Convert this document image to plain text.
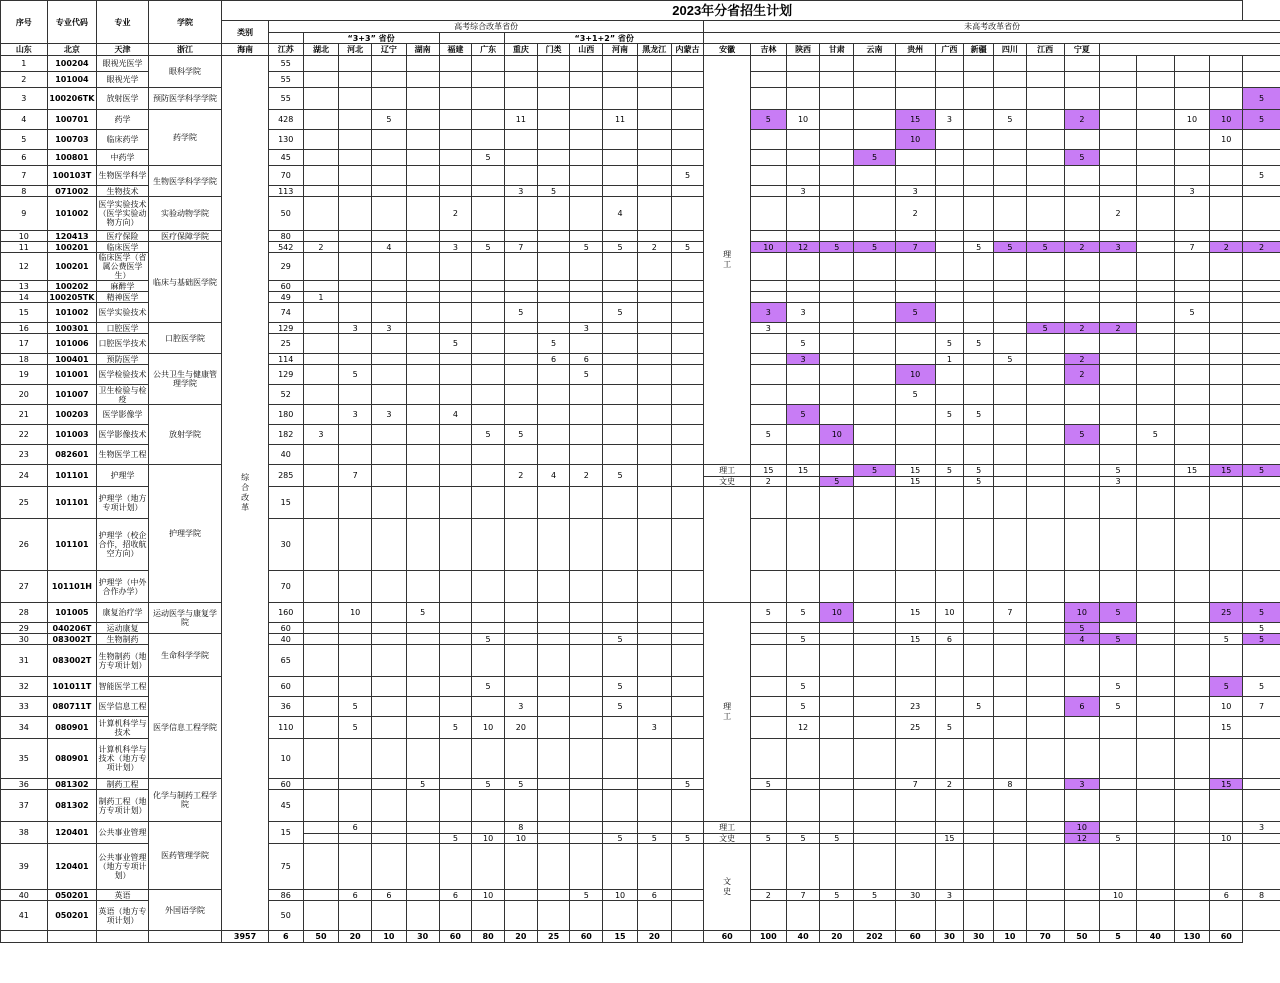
序号	专业代码	专业	学院	2023年分省招生计划																													
				类别	高考综合改革省份													未高考改革省份															
						“3+3” 省份						“3+1+2” 省份																					
山东	北京	天津	浙江	海南	江苏	湖北	河北	辽宁	湖南	福建	广东	重庆	门类	山西	河南	黑龙江	内蒙古	安徽	吉林	陕西	甘肃	云南	贵州	广西	新疆	四川	江西	宁夏					
1	100204	眼视光医学	眼科学院	综合改革	55													理工															
2	101004	眼视光学			55																												
3	100206TK	放射医学	预防医学科学学院		55																												5
4	100701	药学	药学院		428			5				11			11				5	10			15	3		5		2			10	10	5
5	100703	临床药学			130																		10									10	
6	100801	中药学			45						5											5						5					
7	100103T	生物医学科学	生物医学科学学院		70												5																5
8	071002	生物技术			113							3	5							3			3								3		
9	101002	医学实验技术（医学实验动物方向）	实验动物学院		50					2					4								2						2				
10	120413	医疗保险	医疗保障学院		80																												
11	100201	临床医学	临床与基础医学院		542	2		4		3	5	7		5	5	2	5		10	12	5	5	7		5	5	5	2	3		7	2	2
12	100201	临床医学（省属公费医学生）			29																												
13	100202	麻醉学			60																												
14	100205TK	精神医学			49	1																											
15	101002	医学实验技术			74							5			5				3	3			5								5		
16	100301	口腔医学	口腔医学院		129		3	3						3					3								5	2	2				
17	101006	口腔医学技术			25					5			5							5				5	5								
18	100401	预防医学	公共卫生与健康管理学院		114								6	6						3				1		5		2					
19	101001	医学检验技术			129		5							5									10					2					
20	101007	卫生检验与检疫			52																		5										
21	100203	医学影像学	放射学院		180		3	3		4										5				5	5								
22	101003	医学影像技术			182	3					5	5							5		10							5		5			
23	082601	生物医学工程			40																												
24	101101	护理学	护理学院		285		7					2	4	2	5			理工	15	15		5	15	5	5				5		15	15	5
																		文史	2		5		15		5				3				
25	101101	护理学（地方专项计划）			15																												
26	101101	护理学（校企合作，招收航空方向）			30																												
27	101101H	护理学（中外合作办学）			70																												
28	101005	康复治疗学	运动医学与康复学院		160		10		5									理工	5	5	10		15	10		7		10	5			25	5
29	040206T	运动康复			60																							5					5
30	083002T	生物制药	生命科学学院		40						5				5					5			15	6				4	5			5	5
31	083002T	生物制药（地方专项计划）			65																												
32	101011T	智能医学工程	医学信息工程学院		60						5				5					5									5			5	5
33	080711T	医学信息工程			36		5					3			5					5			23		5			6	5			10	7
34	080901	计算机科学与技术			110		5			5	10	20				3				12			25	5								15	
35	080901	计算机科学与技术（地方专项计划）			10																												
36	081302	制药工程	化学与制药工程学院		60				5		5	5					5		5				7	2		8		3				15	
37	081302	制药工程（地方专项计划）			45																												
38	120401	公共事业管理	医药管理学院		15		6					8						理工										10					3
										5	10	10			5	5	5	文史	5	5	5			15				12	5			10	
39	120401	公共事业管理（地方专项计划）			75													文史															
40	050201	英语	外国语学院		86		6	6		6	10			5	10	6			2	7	5	5	30	3					10			6	8
41	050201	英语（地方专项计划）			50																												
				3957	6	50	20	10	30	60	80	20	25	60	15	20		60	100	40	20	202	60	30	30	10	70	50	5	40	130	60	
